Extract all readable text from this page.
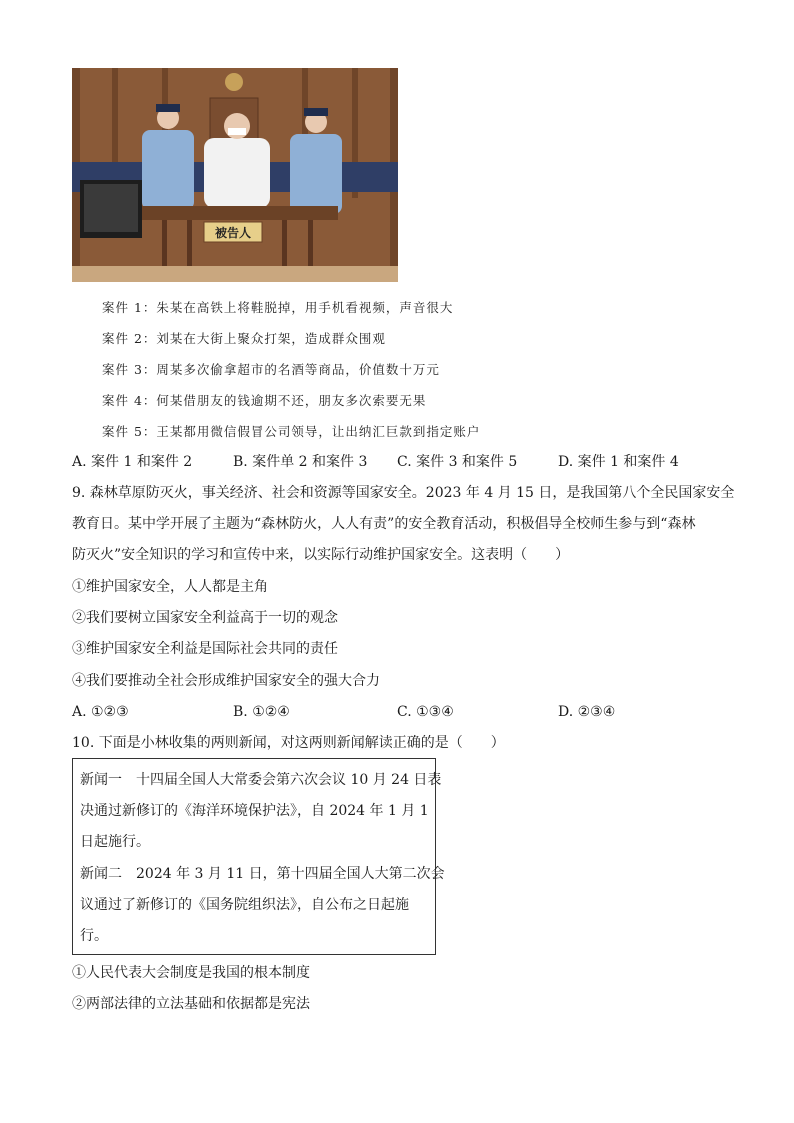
被告人
案件 1：朱某在高铁上将鞋脱掉，用手机看视频，声音很大
案件 2：刘某在大街上聚众打架，造成群众围观
案件 3：周某多次偷拿超市的名酒等商品，价值数十万元
案件 4：何某借朋友的钱逾期不还，朋友多次索要无果
案件 5：王某都用微信假冒公司领导，让出纳汇巨款到指定账户
A. 案件 1 和案件 2	B. 案件单 2 和案件 3 C. 案件 3 和案件 5	D. 案件 1 和案件 4
9. 森林草原防灭火，事关经济、社会和资源等国家安全。2023 年 4 月 15 日，是我国第八个全民国家安全
教育日。某中学开展了主题为“森林防火，人人有责”的安全教育活动，积极倡导全校师生参与到“森林
防灭火”安全知识的学习和宣传中来，以实际行动维护国家安全。这表明（　　）
①维护国家安全，人人都是主角
②我们要树立国家安全利益高于一切的观念
③维护国家安全利益是国际社会共同的责任
④我们要推动全社会形成维护国家安全的强大合力
A. ①②③	B. ①②④	C. ①③④	D. ②③④
10. 下面是小林收集的两则新闻，对这两则新闻解读正确的是（　　）
新闻一　十四届全国人大常委会第六次会议 10 月 24 日表
决通过新修订的《海洋环境保护法》，自 2024 年 1 月 1
日起施行。
新闻二　2024 年 3 月 11 日，第十四届全国人大第二次会
议通过了新修订的《国务院组织法》，自公布之日起施
行。
①人民代表大会制度是我国的根本制度
②两部法律的立法基础和依据都是宪法
